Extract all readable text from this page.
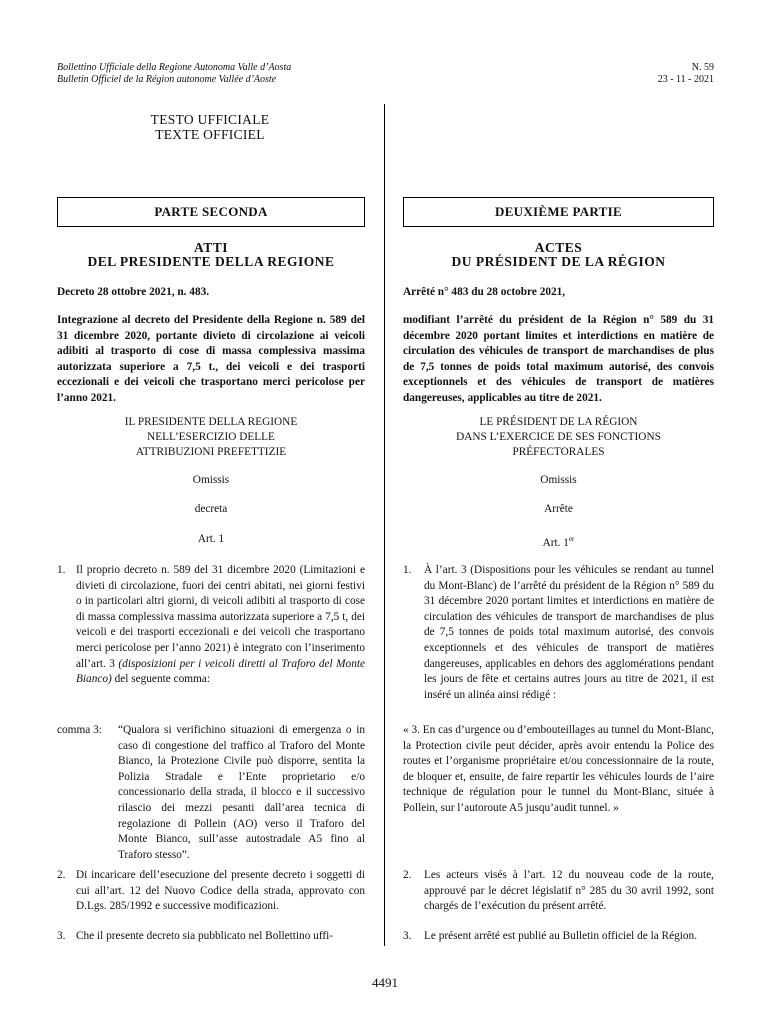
Bollettino Ufficiale della Regione Autonoma Valle d’Aosta
Bulletin Officiel de la Région autonome Vallée d’Aoste
N. 59
23 - 11 - 2021
TESTO UFFICIALE
TEXTE OFFICIEL
PARTE SECONDA
ATTI
DEL PRESIDENTE DELLA REGIONE
Decreto 28 ottobre 2021, n. 483.
Integrazione al decreto del Presidente della Regione n. 589 del 31 dicembre 2020, portante divieto di circolazione ai veicoli adibiti al trasporto di cose di massa complessiva massima autorizzata superiore a 7,5 t., dei veicoli e dei trasporti eccezionali e dei veicoli che trasportano merci pericolose per l’anno 2021.
IL PRESIDENTE DELLA REGIONE
NELL’ESERCIZIO DELLE
ATTRIBUZIONI PREFETTIZIE
Omissis
decreta
Art. 1
1. Il proprio decreto n. 589 del 31 dicembre 2020 (Limitazioni e divieti di circolazione, fuori dei centri abitati, nei giorni festivi o in particolari altri giorni, di veicoli adibiti al trasporto di cose di massa complessiva massima autorizzata superiore a 7,5 t, dei veicoli e dei trasporti eccezionali e dei veicoli che trasportano merci pericolose per l’anno 2021) è integrato con l’inserimento all’art. 3 (disposizioni per i veicoli diretti al Traforo del Monte Bianco) del seguente comma:
comma 3: “Qualora si verifichino situazioni di emergenza o in caso di congestione del traffico al Traforo del Monte Bianco, la Protezione Civile può disporre, sentita la Polizia Stradale e l’Ente proprietario e/o concessionario della strada, il blocco e il successivo rilascio dei mezzi pesanti dall’area tecnica di regolazione di Pollein (AO) verso il Traforo del Monte Bianco, sull’asse autostradale A5 fino al Traforo stesso”.
2. Di incaricare dell’esecuzione del presente decreto i soggetti di cui all’art. 12 del Nuovo Codice della strada, approvato con D.Lgs. 285/1992 e successive modificazioni.
3. Che il presente decreto sia pubblicato nel Bollettino uffi-
DEUXIÈME PARTIE
ACTES
DU PRÉSIDENT DE LA RÉGION
Arrêté n° 483 du 28 octobre 2021,
modifiant l’arrêté du président de la Région n° 589 du 31 décembre 2020 portant limites et interdictions en matière de circulation des véhicules de transport de marchandises de plus de 7,5 tonnes de poids total maximum autorisé, des convois exceptionnels et des véhicules de transport de matières dangereuses, applicables au titre de 2021.
LE PRÉSIDENT DE LA RÉGION
DANS L’EXERCICE DE SES FONCTIONS
PRÉFECTORALES
Omissis
Arrête
Art. 1er
1. À l’art. 3 (Dispositions pour les véhicules se rendant au tunnel du Mont-Blanc) de l’arrêté du président de la Région n° 589 du 31 décembre 2020 portant limites et interdictions en matière de circulation des véhicules de transport de marchandises de plus de 7,5 tonnes de poids total maximum autorisé, des convois exceptionnels et des véhicules de transport de matières dangereuses, applicables en dehors des agglomérations pendant les jours de fête et certains autres jours au titre de 2021, il est inséré un alinéa ainsi rédigé :
« 3. En cas d’urgence ou d’embouteillages au tunnel du Mont-Blanc, la Protection civile peut décider, après avoir entendu la Police des routes et l’organisme propriétaire et/ou concessionnaire de la route, de bloquer et, ensuite, de faire repartir les véhicules lourds de l’aire technique de régulation pour le tunnel du Mont-Blanc, située à Pollein, sur l’autoroute A5 jusqu’audit tunnel. »
2. Les acteurs visés à l’art. 12 du nouveau code de la route, approuvé par le décret législatif n° 285 du 30 avril 1992, sont chargés de l’exécution du présent arrêté.
3. Le présent arrêté est publié au Bulletin officiel de la Région.
4491
